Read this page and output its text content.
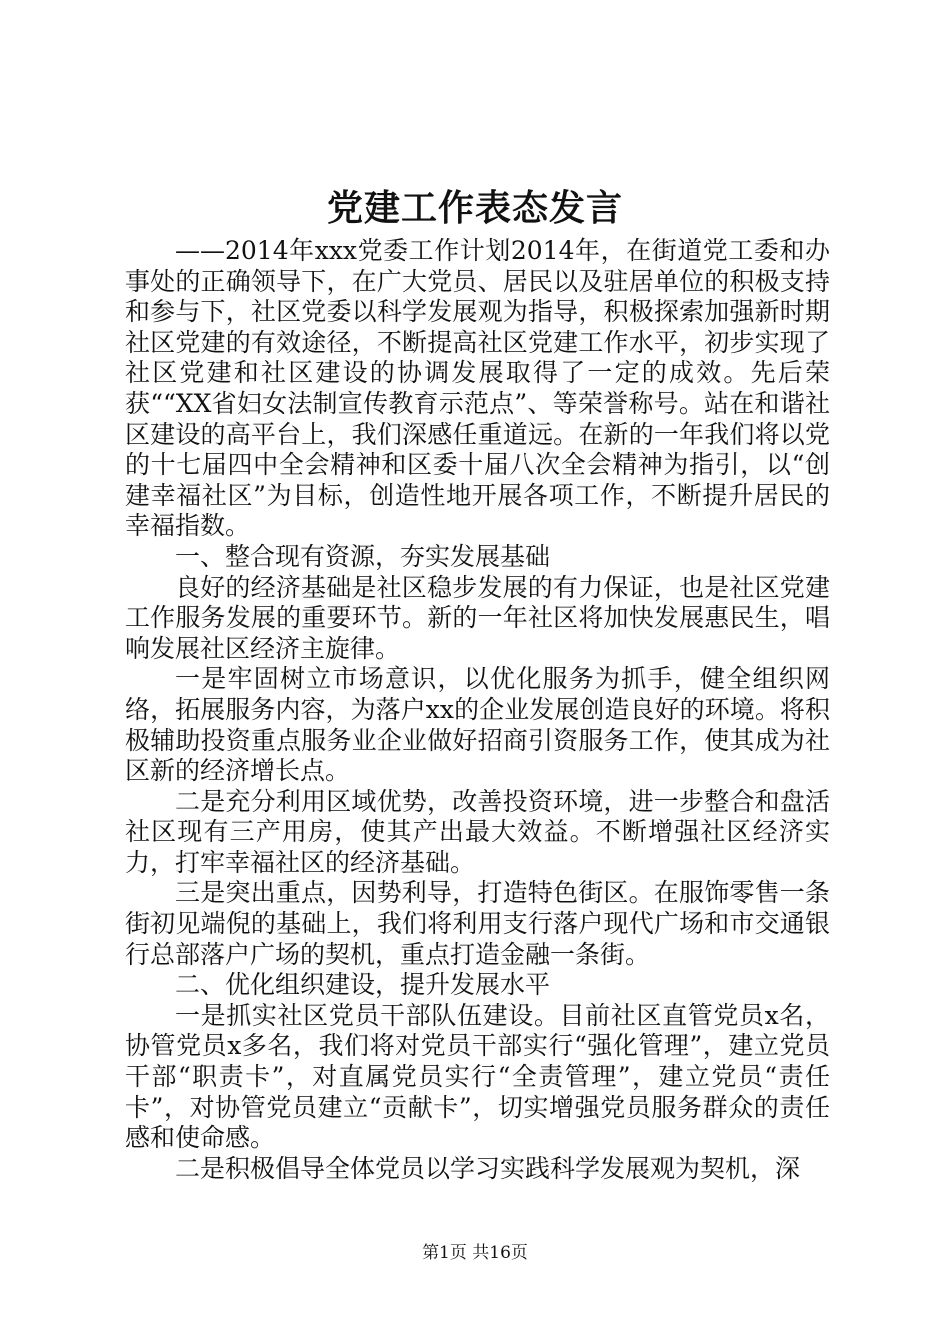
党建工作表态发言

——2014年xxx党委工作计划2014年，在街道党工委和办事处的正确领导下，在广大党员、居民以及驻居单位的积极支持和参与下，社区党委以科学发展观为指导，积极探索加强新时期社区党建的有效途径，不断提高社区党建工作水平，初步实现了社区党建和社区建设的协调发展取得了一定的成效。先后荣获““XX省妇女法制宣传教育示范点”、等荣誉称号。站在和谐社区建设的高平台上，我们深感任重道远。在新的一年我们将以党的十七届四中全会精神和区委十届八次全会精神为指引，以“创建幸福社区”为目标，创造性地开展各项工作，不断提升居民的幸福指数。

一、整合现有资源，夯实发展基础

良好的经济基础是社区稳步发展的有力保证，也是社区党建工作服务发展的重要环节。新的一年社区将加快发展惠民生，唱响发展社区经济主旋律。

一是牢固树立市场意识，以优化服务为抓手，健全组织网络，拓展服务内容，为落户xx的企业发展创造良好的环境。将积极辅助投资重点服务业企业做好招商引资服务工作，使其成为社区新的经济增长点。

二是充分利用区域优势，改善投资环境，进一步整合和盘活社区现有三产用房，使其产出最大效益。不断增强社区经济实力，打牢幸福社区的经济基础。

三是突出重点，因势利导，打造特色街区。在服饰零售一条街初见端倪的基础上，我们将利用支行落户现代广场和市交通银行总部落户广场的契机，重点打造金融一条街。

二、优化组织建设，提升发展水平

一是抓实社区党员干部队伍建设。目前社区直管党员x名，协管党员x多名，我们将对党员干部实行“强化管理”，建立党员干部“职责卡”，对直属党员实行“全责管理”，建立党员“责任卡”，对协管党员建立“贡献卡”，切实增强党员服务群众的责任感和使命感。

二是积极倡导全体党员以学习实践科学发展观为契机，深

第1页 共16页
